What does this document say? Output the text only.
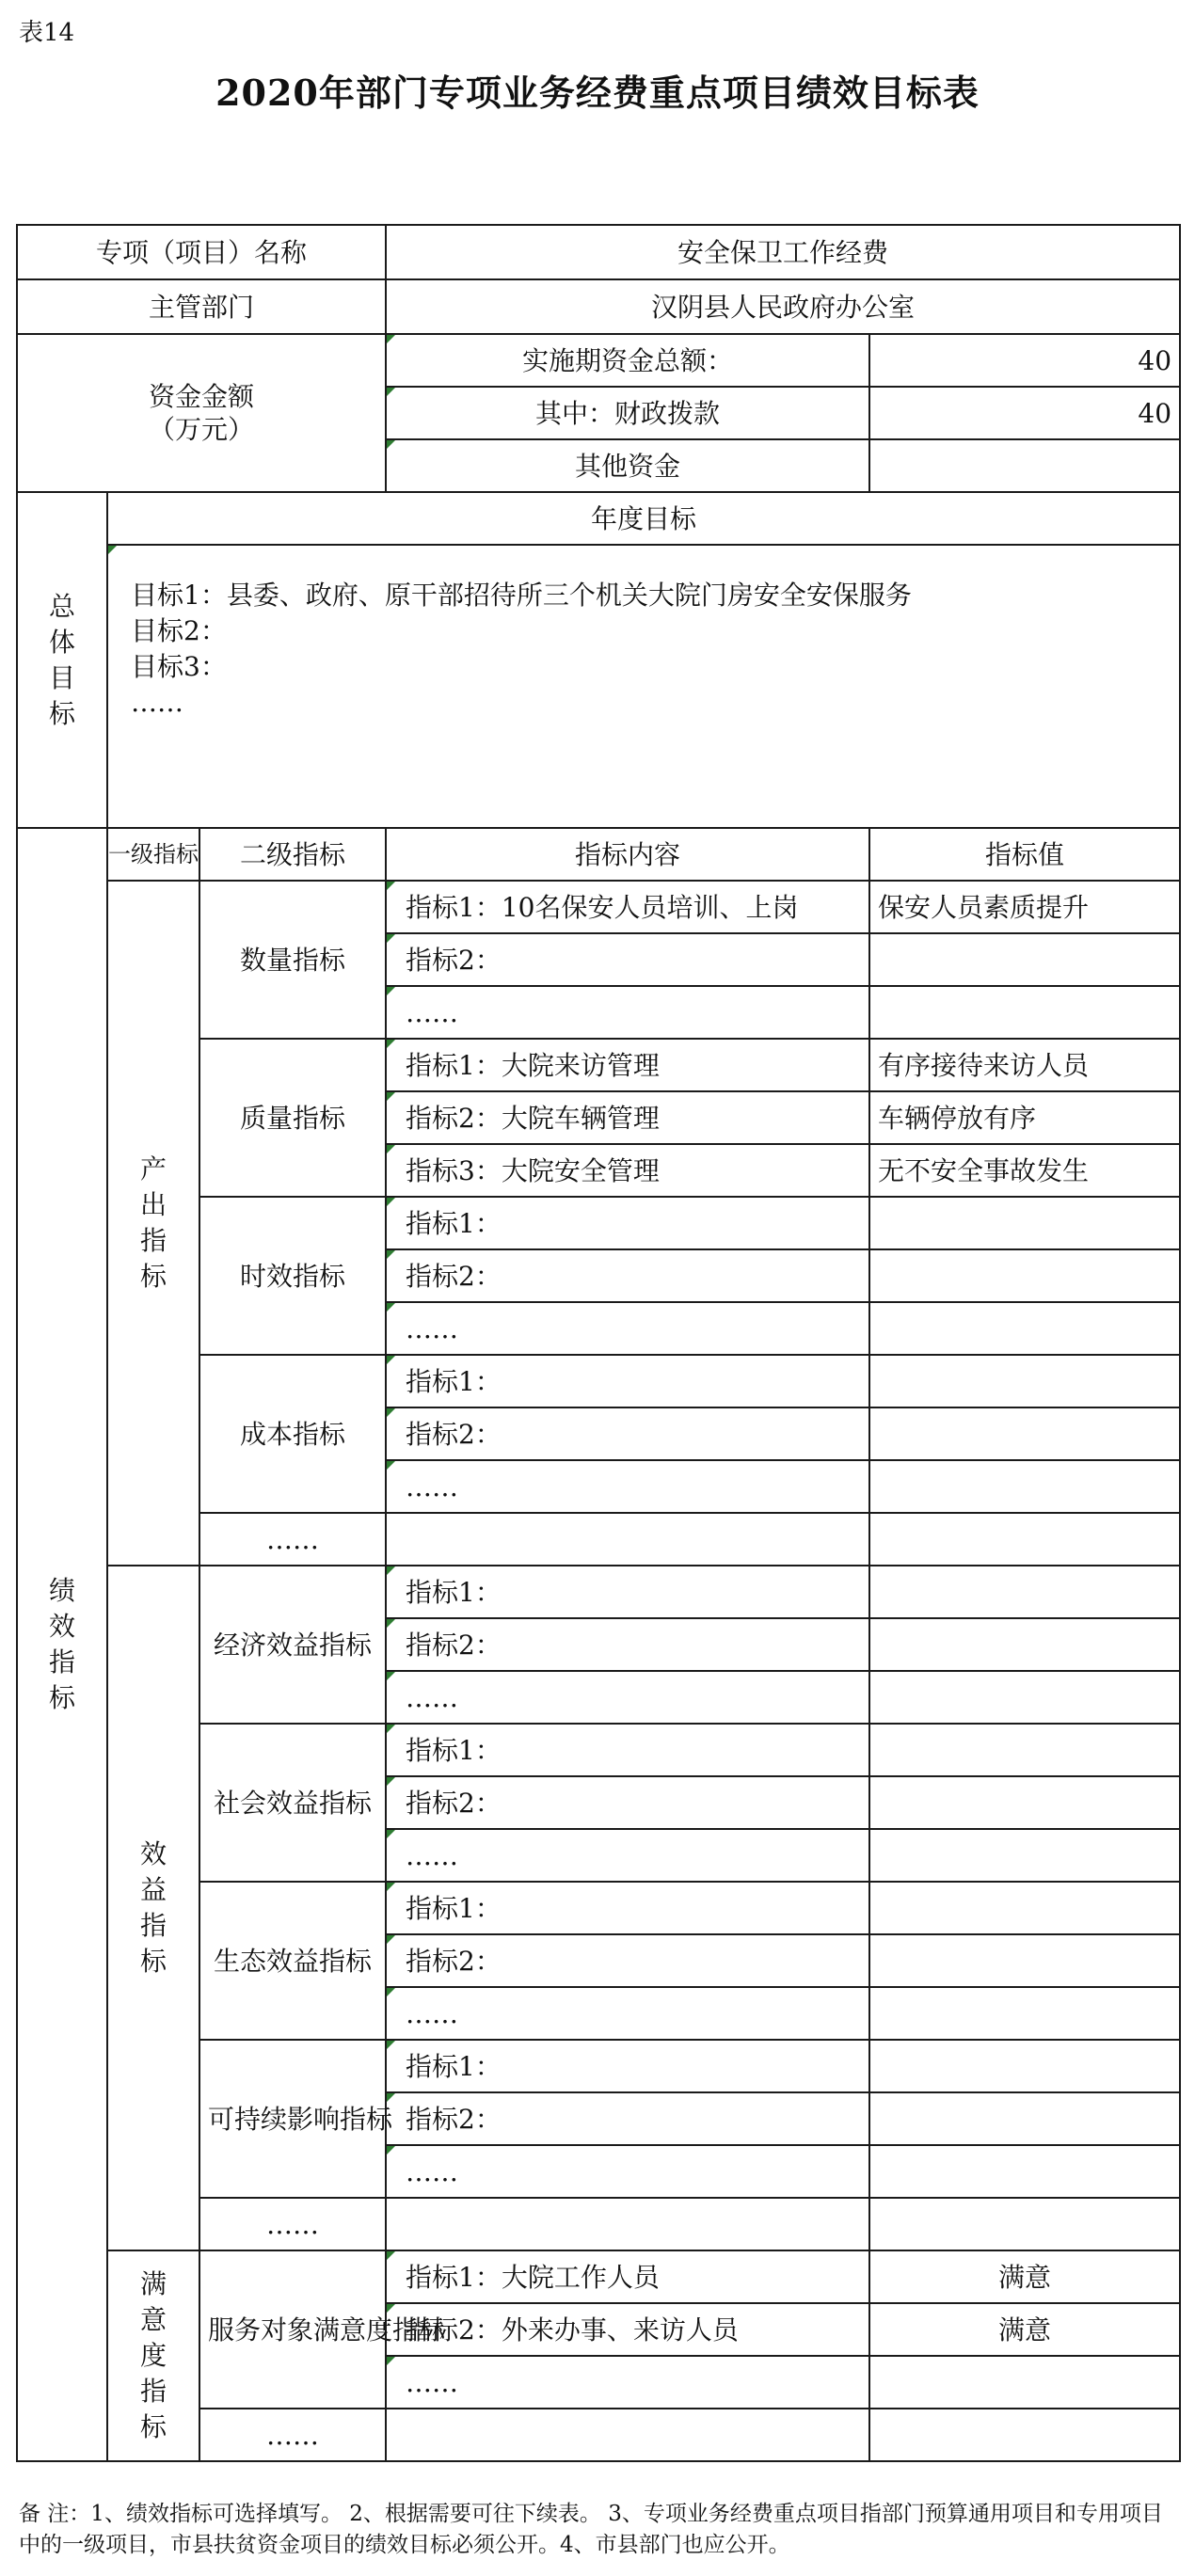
表14
2020年部门专项业务经费重点项目绩效目标表
专项（项目）名称			安全保卫工作经费	
主管部门			汉阴县人民政府办公室	
资金金额
（万元）			实施期资金总额：	40
			其中：财政拨款	40
			其他资金	
总体目标	年度目标			

	目标1：县委、政府、原干部招待所三个机关大院门房安全安保服务
目标2：
目标3：
……			

绩效指标	一级指标	二级指标	指标内容	指标值
	产出指标	数量指标	指标1：10名保安人员培训、上岗	保安人员素质提升
			指标2：	
			……	
		质量指标	指标1：大院来访管理	有序接待来访人员
			指标2：大院车辆管理	车辆停放有序
			指标3：大院安全管理	无不安全事故发生
		时效指标	指标1：	
			指标2：	
			……	
		成本指标	指标1：	
			指标2：	
			……	
		……		
	效益指标	经济效益指标	指标1：	
			指标2：	
			……	
		社会效益指标	指标1：	
			指标2：	
			……	
		生态效益指标	指标1：	
			指标2：	
			……	
		可持续影响指标	指标1：	
			指标2：	
			……	
		……		
	满意度指标	服务对象满意度指标	指标1：大院工作人员	满意
			指标2：外来办事、来访人员	满意
			……	
		……		
备 注：1、绩效指标可选择填写。 2、根据需要可往下续表。 3、专项业务经费重点项目指部门预算通用项目和专用项目中的一级项目，市县扶贫资金项目的绩效目标必须公开。4、市县部门也应公开。
